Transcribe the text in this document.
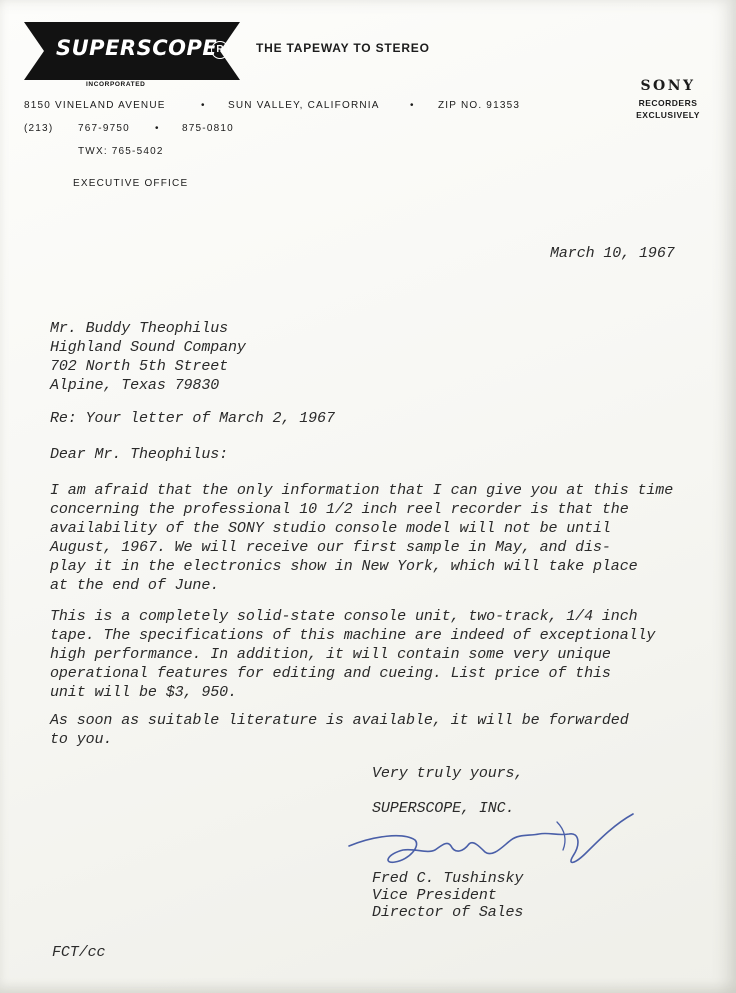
SUPERSCOPE R
INCORPORATED
THE TAPEWAY TO STEREO
SONY
RECORDERS
EXCLUSIVELY
8150 VINELAND AVENUE	• SUN VALLEY, CALIFORNIA	• ZIP NO. 91353
(213) 767-9750	• 875-0810
TWX: 765-5402
EXECUTIVE OFFICE
March 10, 1967
Mr. Buddy Theophilus
Highland Sound Company
702 North 5th Street
Alpine, Texas 79830
Re: Your letter of March 2, 1967
Dear Mr. Theophilus:
I am afraid that the only information that I can give you at this time
concerning the professional 10 1/2 inch reel recorder is that the
availability of the SONY studio console model will not be until
August, 1967. We will receive our first sample in May, and dis-
play it in the electronics show in New York, which will take place
at the end of June.
This is a completely solid-state console unit, two-track, 1/4 inch
tape. The specifications of this machine are indeed of exceptionally
high performance. In addition, it will contain some very unique
operational features for editing and cueing. List price of this
unit will be $3, 950.
As soon as suitable literature is available, it will be forwarded
to you.
Very truly yours,
SUPERSCOPE, INC.
Fred C. Tushinsky
Vice President
Director of Sales
FCT/cc
